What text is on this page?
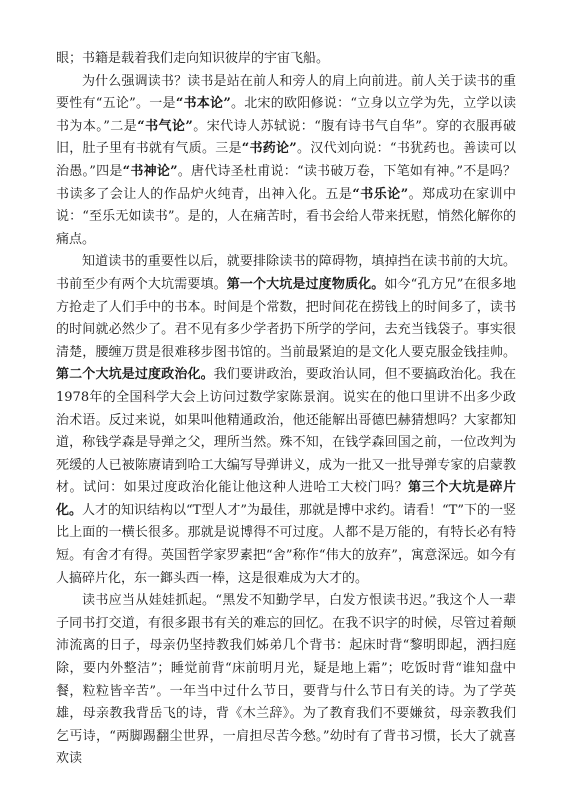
眼；书籍是载着我们走向知识彼岸的宇宙飞船。

为什么强调读书？读书是站在前人和旁人的肩上向前进。前人关于读书的重要性有“五论”。一是“书本论”。北宋的欧阳修说：“立身以立学为先，立学以读书为本。”二是“书气论”。宋代诗人苏轼说：“腹有诗书气自华”。穿的衣服再破旧，肚子里有书就有气质。三是“书药论”。汉代刘向说：“书犹药也。善读可以治愚。”四是“书神论”。唐代诗圣杜甫说：“读书破万卷，下笔如有神。”不是吗？书读多了会让人的作品炉火纯青，出神入化。五是“书乐论”。郑成功在家训中说：“至乐无如读书”。是的，人在痛苦时，看书会给人带来抚慰，悄然化解你的痛点。

知道读书的重要性以后，就要排除读书的障碍物，填掉挡在读书前的大坑。书前至少有两个大坑需要填。第一个大坑是过度物质化。如今“孔方兄”在很多地方抢走了人们手中的书本。时间是个常数，把时间花在捞钱上的时间多了，读书的时间就必然少了。君不见有多少学者扔下所学的学问，去充当钱袋子。事实很清楚，腰缠万贯是很难移步图书馆的。当前最紧迫的是文化人要克服金钱挂帅。第二个大坑是过度政治化。我们要讲政治，要政治认同，但不要搞政治化。我在1978年的全国科学大会上访问过数学家陈景润。说实在的他口里讲不出多少政治术语。反过来说，如果叫他精通政治，他还能解出哥德巴赫猜想吗？大家都知道，称钱学森是导弹之父，理所当然。殊不知，在钱学森回国之前，一位改判为死缓的人已被陈赓请到哈工大编写导弹讲义，成为一批又一批导弹专家的启蒙教材。试问：如果过度政治化能让他这种人进哈工大校门吗？第三个大坑是碎片化。人才的知识结构以“T型人才”为最佳，那就是博中求约。请看！“T”下的一竖比上面的一横长很多。那就是说博得不可过度。人都不是万能的，有特长必有特短。有舍才有得。英国哲学家罗素把“舍”称作“伟大的放弃”，寓意深远。如今有人搞碎片化，东一鎯头西一棒，这是很难成为大才的。

读书应当从娃娃抓起。“黑发不知勤学早，白发方恨读书迟。”我这个人一辈子同书打交道，有很多跟书有关的难忘的回忆。在我不识字的时候，尽管过着颠沛流离的日子，母亲仍坚持教我们姊弟几个背书：起床时背“黎明即起，洒扫庭除，要内外整洁”；睡觉前背“床前明月光，疑是地上霜”；吃饭时背“谁知盘中餐，粒粒皆辛苦”。一年当中过什么节日，要背与什么节日有关的诗。为了学英雄，母亲教我背岳飞的诗，背《木兰辞》。为了教育我们不要嫌贫，母亲教我们乞丐诗，“两脚踢翻尘世界，一肩担尽苦今愁。”幼时有了背书习惯，长大了就喜欢读
